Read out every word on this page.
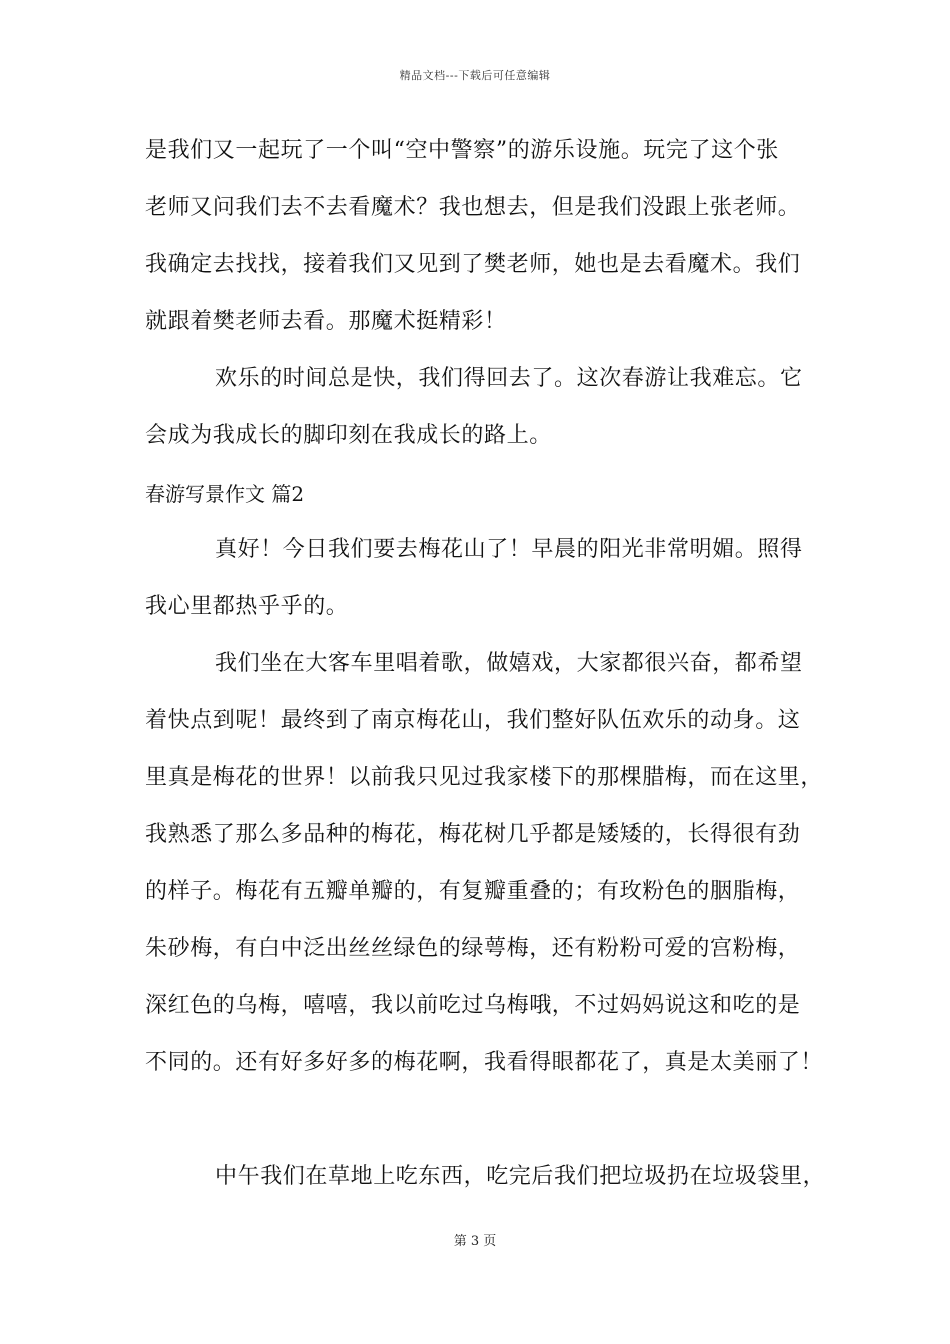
精品文档---下载后可任意编辑
是我们又一起玩了一个叫“空中警察”的游乐设施。玩完了这个张
老师又问我们去不去看魔术？我也想去，但是我们没跟上张老师。
我确定去找找，接着我们又见到了樊老师，她也是去看魔术。我们
就跟着樊老师去看。那魔术挺精彩！
欢乐的时间总是快，我们得回去了。这次春游让我难忘。它
会成为我成长的脚印刻在我成长的路上。
春游写景作文 篇2
真好！今日我们要去梅花山了！早晨的阳光非常明媚。照得
我心里都热乎乎的。
我们坐在大客车里唱着歌，做嬉戏，大家都很兴奋，都希望
着快点到呢！最终到了南京梅花山，我们整好队伍欢乐的动身。这
里真是梅花的世界！以前我只见过我家楼下的那棵腊梅，而在这里，
我熟悉了那么多品种的梅花，梅花树几乎都是矮矮的，长得很有劲
的样子。梅花有五瓣单瓣的，有复瓣重叠的；有玫粉色的胭脂梅，
朱砂梅，有白中泛出丝丝绿色的绿萼梅，还有粉粉可爱的宫粉梅，
深红色的乌梅，嘻嘻，我以前吃过乌梅哦，不过妈妈说这和吃的是
不同的。还有好多好多的梅花啊，我看得眼都花了，真是太美丽了！
中午我们在草地上吃东西，吃完后我们把垃圾扔在垃圾袋里，
第 3 页
